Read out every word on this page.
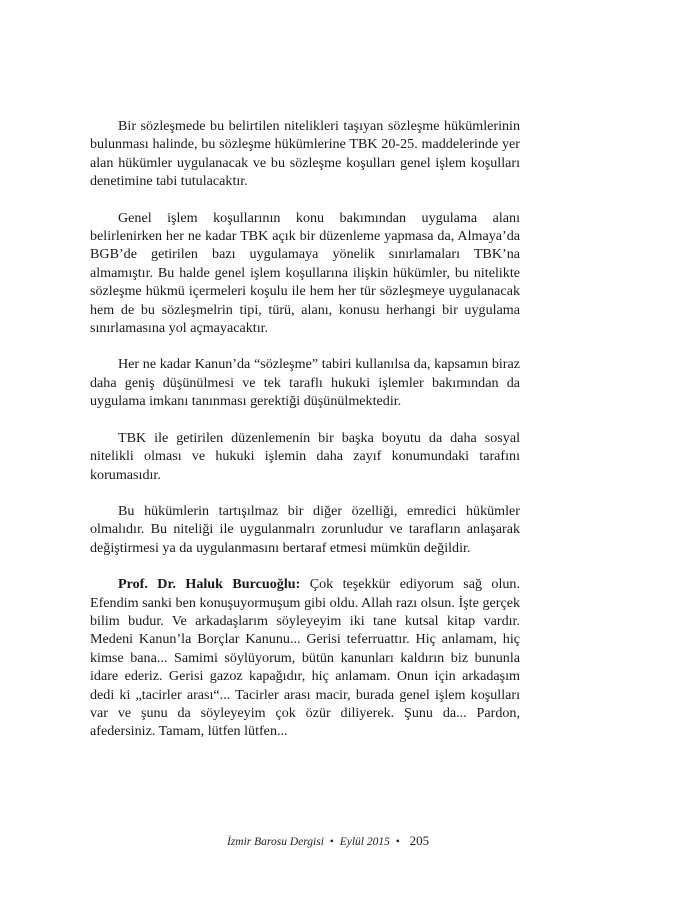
Bir sözleşmede bu belirtilen nitelikleri taşıyan sözleşme hükümlerinin bulunması halinde, bu sözleşme hükümlerine TBK 20-25. maddelerinde yer alan hükümler uygulanacak ve bu sözleşme koşulları genel işlem koşulları denetimine tabi tutulacaktır.

Genel işlem koşullarının konu bakımından uygulama alanı belirlenirken her ne kadar TBK açık bir düzenleme yapmasa da, Almaya’da BGB’de getirilen bazı uygulamaya yönelik sınırlamaları TBK’na almamıştır. Bu halde genel işlem koşullarına ilişkin hükümler, bu nitelikte sözleşme hükmü içermeleri koşulu ile hem her tür sözleşmeye uygulanacak hem de bu sözleşmelrin tipi, türü, alanı, konusu herhangi bir uygulama sınırlamasına yol açmayacaktır.

Her ne kadar Kanun’da “sözleşme” tabiri kullanılsa da, kapsamın biraz daha geniş düşünülmesi ve tek taraflı hukuki işlemler bakımından da uygulama imkanı tanınması gerektiği düşünülmektedir.

TBK ile getirilen düzenlemenin bir başka boyutu da daha sosyal nitelikli olması ve hukuki işlemin daha zayıf konumundaki tarafını korumasıdır.

Bu hükümlerin tartışılmaz bir diğer özelliği, emredici hükümler olmalıdır. Bu niteliği ile uygulanmalrı zorunludur ve tarafların anlaşarak değiştirmesi ya da uygulanmasını bertaraf etmesi mümkün değildir.

Prof. Dr. Haluk Burcuoğlu: Çok teşekkür ediyorum sağ olun. Efendim sanki ben konuşuyormuşum gibi oldu. Allah razı olsun. İşte gerçek bilim budur. Ve arkadaşlarım söyleyeyim iki tane kutsal kitap vardır. Medeni Kanun’la Borçlar Kanunu... Gerisi teferruattır. Hiç anlamam, hiç kimse bana... Samimi söylüyorum, bütün kanunları kaldırın biz bununla idare ederiz. Gerisi gazoz kapağıdır, hiç anlamam. Onun için arkadaşım dedi ki „tacirler arası“... Tacirler arası macir, burada genel işlem koşulları var ve şunu da söyleyeyim çok özür diliyerek. Şunu da... Pardon, afedersiniz. Tamam, lütfen lütfen...

İzmir Barosu Dergisi • Eylül 2015 • 205
